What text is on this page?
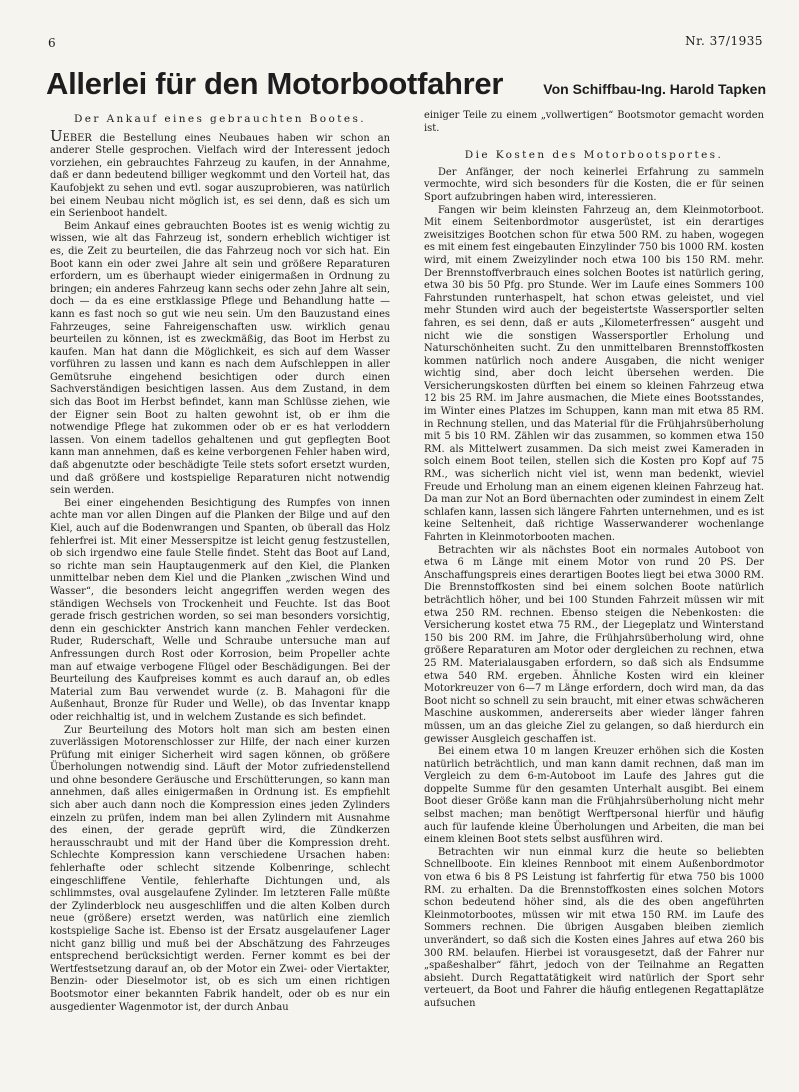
6	Nr. 37/1935
Allerlei für den Motorbootfahrer	Von Schiffbau-Ing. Harold Tapken
Der Ankauf eines gebrauchten Bootes.

UEBER die Bestellung eines Neubaues haben wir schon an anderer Stelle gesprochen. Vielfach wird der Interessent jedoch vorziehen, ein gebrauchtes Fahrzeug zu kaufen, in der Annahme, daß er dann bedeutend billiger wegkommt und den Vorteil hat, das Kaufobjekt zu sehen und evtl. sogar auszuprobieren, was natürlich bei einem Neubau nicht möglich ist, es sei denn, daß es sich um ein Serienboot handelt.

Beim Ankauf eines gebrauchten Bootes ist es wenig wichtig zu wissen, wie alt das Fahrzeug ist, sondern erheblich wichtiger ist es, die Zeit zu beurteilen, die das Fahrzeug noch vor sich hat. Ein Boot kann ein oder zwei Jahre alt sein und größere Reparaturen erfordern, um es überhaupt wieder einigermaßen in Ordnung zu bringen; ein anderes Fahrzeug kann sechs oder zehn Jahre alt sein, doch — da es eine erstklassige Pflege und Behandlung hatte — kann es fast noch so gut wie neu sein. Um den Bauzustand eines Fahrzeuges, seine Fahreigenschaften usw. wirklich genau beurteilen zu können, ist es zweckmäßig, das Boot im Herbst zu kaufen. Man hat dann die Möglichkeit, es sich auf dem Wasser vorführen zu lassen und kann es nach dem Aufschleppen in aller Gemütsruhe eingehend besichtigen oder durch einen Sachverständigen besichtigen lassen. Aus dem Zustand, in dem sich das Boot im Herbst befindet, kann man Schlüsse ziehen, wie der Eigner sein Boot zu halten gewohnt ist, ob er ihm die notwendige Pflege hat zukommen oder ob er es hat verloddern lassen. Von einem tadellos gehaltenen und gut gepflegten Boot kann man annehmen, daß es keine verborgenen Fehler haben wird, daß abgenutzte oder beschädigte Teile stets sofort ersetzt wurden, und daß größere und kostspielige Reparaturen nicht notwendig sein werden.

Bei einer eingehenden Besichtigung des Rumpfes von innen achte man vor allen Dingen auf die Planken der Bilge und auf den Kiel, auch auf die Bodenwrangen und Spanten, ob überall das Holz fehlerfrei ist. Mit einer Messerspitze ist leicht genug festzustellen, ob sich irgendwo eine faule Stelle findet. Steht das Boot auf Land, so richte man sein Hauptaugenmerk auf den Kiel, die Planken unmittelbar neben dem Kiel und die Planken „zwischen Wind und Wasser“, die besonders leicht angegriffen werden wegen des ständigen Wechsels von Trockenheit und Feuchte. Ist das Boot gerade frisch gestrichen worden, so sei man besonders vorsichtig, denn ein geschickter Anstrich kann manchen Fehler verdecken. Ruder, Ruderschaft, Welle und Schraube untersuche man auf Anfressungen durch Rost oder Korrosion, beim Propeller achte man auf etwaige verbogene Flügel oder Beschädigungen. Bei der Beurteilung des Kaufpreises kommt es auch darauf an, ob edles Material zum Bau verwendet wurde (z. B. Mahagoni für die Außenhaut, Bronze für Ruder und Welle), ob das Inventar knapp oder reichhaltig ist, und in welchem Zustande es sich befindet.

Zur Beurteilung des Motors holt man sich am besten einen zuverlässigen Motorenschlosser zur Hilfe, der nach einer kurzen Prüfung mit einiger Sicherheit wird sagen können, ob größere Überholungen notwendig sind. Läuft der Motor zufriedenstellend und ohne besondere Geräusche und Erschütterungen, so kann man annehmen, daß alles einigermaßen in Ordnung ist. Es empfiehlt sich aber auch dann noch die Kompression eines jeden Zylinders einzeln zu prüfen, indem man bei allen Zylindern mit Ausnahme des einen, der gerade geprüft wird, die Zündkerzen herausschraubt und mit der Hand über die Kompression dreht. Schlechte Kompression kann verschiedene Ursachen haben: fehlerhafte oder schlecht sitzende Kolbenringe, schlecht eingeschliffene Ventile, fehlerhafte Dichtungen und, als schlimmstes, oval ausgelaufene Zylinder. Im letzteren Falle müßte der Zylinderblock neu ausgeschliffen und die alten Kolben durch neue (größere) ersetzt werden, was natürlich eine ziemlich kostspielige Sache ist. Ebenso ist der Ersatz ausgelaufener Lager nicht ganz billig und muß bei der Abschätzung des Fahrzeuges entsprechend berücksichtigt werden. Ferner kommt es bei der Wertfestsetzung darauf an, ob der Motor ein Zwei- oder Viertakter, Benzin- oder Dieselmotor ist, ob es sich um einen richtigen Bootsmotor einer bekannten Fabrik handelt, oder ob es nur ein ausgedienter Wagenmotor ist, der durch Anbau

einiger Teile zu einem „vollwertigen“ Bootsmotor gemacht worden ist.

Die Kosten des Motorbootsportes.

Der Anfänger, der noch keinerlei Erfahrung zu sammeln vermochte, wird sich besonders für die Kosten, die er für seinen Sport aufzubringen haben wird, interessieren.

Fangen wir beim kleinsten Fahrzeug an, dem Kleinmotorboot. Mit einem Seitenbordmotor ausgerüstet, ist ein derartiges zweisitziges Bootchen schon für etwa 500 RM. zu haben, wogegen es mit einem fest eingebauten Einzylinder 750 bis 1000 RM. kosten wird, mit einem Zweizylinder noch etwa 100 bis 150 RM. mehr. Der Brennstoffverbrauch eines solchen Bootes ist natürlich gering, etwa 30 bis 50 Pfg. pro Stunde. Wer im Laufe eines Sommers 100 Fahrstunden runterhaspelt, hat schon etwas geleistet, und viel mehr Stunden wird auch der begeistertste Wassersportler selten fahren, es sei denn, daß er auts „Kilometerfressen“ ausgeht und nicht wie die sonstigen Wassersportler Erholung und Naturschönheiten sucht. Zu den unmittelbaren Brennstoffkosten kommen natürlich noch andere Ausgaben, die nicht weniger wichtig sind, aber doch leicht übersehen werden. Die Versicherungskosten dürften bei einem so kleinen Fahrzeug etwa 12 bis 25 RM. im Jahre ausmachen, die Miete eines Bootsstandes, im Winter eines Platzes im Schuppen, kann man mit etwa 85 RM. in Rechnung stellen, und das Material für die Frühjahrsüberholung mit 5 bis 10 RM. Zählen wir das zusammen, so kommen etwa 150 RM. als Mittelwert zusammen. Da sich meist zwei Kameraden in solch einem Boot teilen, stellen sich die Kosten pro Kopf auf 75 RM., was sicherlich nicht viel ist, wenn man bedenkt, wieviel Freude und Erholung man an einem eigenen kleinen Fahrzeug hat. Da man zur Not an Bord übernachten oder zumindest in einem Zelt schlafen kann, lassen sich längere Fahrten unternehmen, und es ist keine Seltenheit, daß richtige Wasserwanderer wochenlange Fahrten in Kleinmotorbooten machen.

Betrachten wir als nächstes Boot ein normales Autoboot von etwa 6 m Länge mit einem Motor von rund 20 PS. Der Anschaffungspreis eines derartigen Bootes liegt bei etwa 3000 RM. Die Brennstoffkosten sind bei einem solchen Boote natürlich beträchtlich höher, und bei 100 Stunden Fahrzeit müssen wir mit etwa 250 RM. rechnen. Ebenso steigen die Nebenkosten: die Versicherung kostet etwa 75 RM., der Liegeplatz und Winterstand 150 bis 200 RM. im Jahre, die Frühjahrsüberholung wird, ohne größere Reparaturen am Motor oder dergleichen zu rechnen, etwa 25 RM. Materialausgaben erfordern, so daß sich als Endsumme etwa 540 RM. ergeben. Ähnliche Kosten wird ein kleiner Motorkreuzer von 6—7 m Länge erfordern, doch wird man, da das Boot nicht so schnell zu sein braucht, mit einer etwas schwächeren Maschine auskommen, andererseits aber wieder länger fahren müssen, um an das gleiche Ziel zu gelangen, so daß hierdurch ein gewisser Ausgleich geschaffen ist.

Bei einem etwa 10 m langen Kreuzer erhöhen sich die Kosten natürlich beträchtlich, und man kann damit rechnen, daß man im Vergleich zu dem 6-m-Autoboot im Laufe des Jahres gut die doppelte Summe für den gesamten Unterhalt ausgibt. Bei einem Boot dieser Größe kann man die Frühjahrsüberholung nicht mehr selbst machen; man benötigt Werftpersonal hierfür und häufig auch für laufende kleine Überholungen und Arbeiten, die man bei einem kleinen Boot stets selbst ausführen wird.

Betrachten wir nun einmal kurz die heute so beliebten Schnellboote. Ein kleines Rennboot mit einem Außenbordmotor von etwa 6 bis 8 PS Leistung ist fahrfertig für etwa 750 bis 1000 RM. zu erhalten. Da die Brennstoffkosten eines solchen Motors schon bedeutend höher sind, als die des oben angeführten Kleinmotorbootes, müssen wir mit etwa 150 RM. im Laufe des Sommers rechnen. Die übrigen Ausgaben bleiben ziemlich unverändert, so daß sich die Kosten eines Jahres auf etwa 260 bis 300 RM. belaufen. Hierbei ist vorausgesetzt, daß der Fahrer nur „spaßeshalber“ fährt, jedoch von der Teilnahme an Regatten absieht. Durch Regattatätigkeit wird natürlich der Sport sehr verteuert, da Boot und Fahrer die häufig entlegenen Regattaplätze aufsuchen
